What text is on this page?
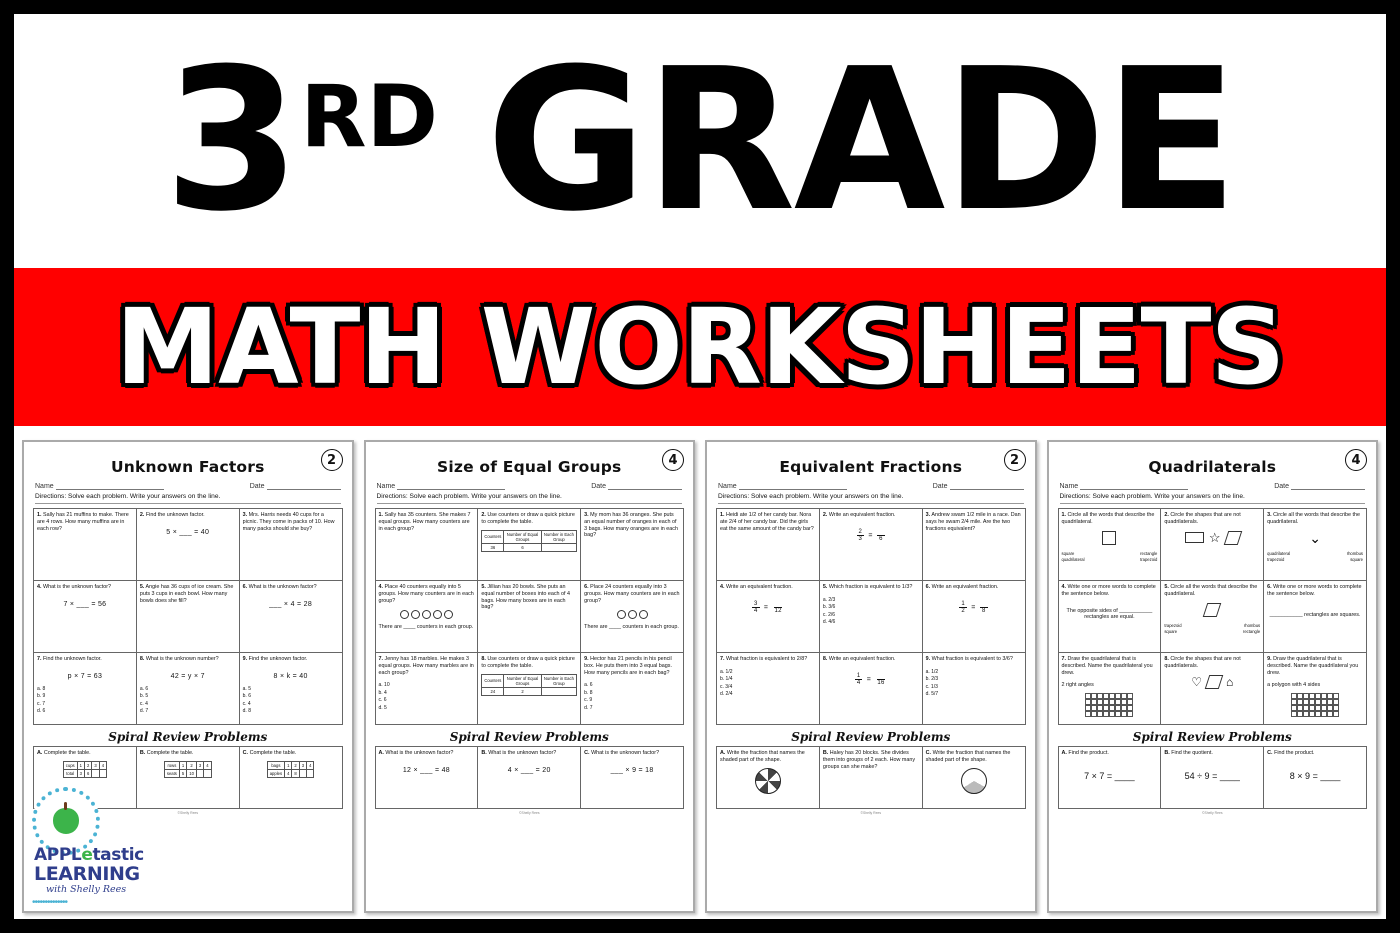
3 RD GRADE
MATH WORKSHEETS
2
Unknown Factors
Name	Date
Directions: Solve each problem. Write your answers on the line.
1. Sally has 21 muffins to make. There are 4 rows. How many muffins are in each row?
2. Find the unknown factor.
5 × ___ = 40
3. Mrs. Harris needs 40 cups for a picnic. They come in packs of 10. How many packs should she buy?
4. What is the unknown factor?
7 × ___ = 56
5. Angie has 36 cups of ice cream. She puts 3 cups in each bowl. How many bowls does she fill?
6. What is the unknown factor?
___ × 4 = 28
7. Find the unknown factor.
p × 7 = 63
a. 8
b. 9
c. 7
d. 6
8. What is the unknown number?
42 = y × 7
a. 6
b. 5
c. 4
d. 7
9. Find the unknown factor.
8 × k = 40
a. 5
b. 6
c. 4
d. 8
Spiral Review Problems
A. Complete the table.
cups	1	2	3	4
total	3	6		
B. Complete the table.
rows	1	2	3	4
seats	5	10		
C. Complete the table.
bags	1	2	3	4
apples	4	8		
©Shelly Rees
4
Size of Equal Groups
Name	Date
Directions: Solve each problem. Write your answers on the line.
1. Sally has 35 counters. She makes 7 equal groups. How many counters are in each group?
2. Use counters or draw a quick picture to complete the table.
Counters	Number of Equal Groups	Number in Each Group
36	6	
3. My mom has 36 oranges. She puts an equal number of oranges in each of 3 bags. How many oranges are in each bag?
4. Place 40 counters equally into 5 groups. How many counters are in each group?
There are ____ counters in each group.
5. Jillian has 20 bowls. She puts an equal number of boxes into each of 4 bags. How many boxes are in each bag?
6. Place 24 counters equally into 3 groups. How many counters are in each group?
There are ____ counters in each group.
7. Jenny has 18 marbles. He makes 3 equal groups. How many marbles are in each group?
a. 10
b. 4
c. 6
d. 5
8. Use counters or draw a quick picture to complete the table.
Counters	Number of Equal Groups	Number in Each Group
24	2	
9. Hector has 21 pencils in his pencil box. He puts them into 3 equal bags. How many pencils are in each bag?
a. 6
b. 8
c. 9
d. 7
Spiral Review Problems
A. What is the unknown factor?
12 × ___ = 48
B. What is the unknown factor?
4 × ___ = 20
C. What is the unknown factor?
___ × 9 = 18
©Shelly Rees
2
Equivalent Fractions
Name	Date
Directions: Solve each problem. Write your answers on the line.
1. Heidi ate 1/2 of her candy bar. Nora ate 2/4 of her candy bar. Did the girls eat the same amount of the candy bar?
2. Write an equivalent fraction.
$\frac{2}{3}$ =
6
3. Andrew swam 1/2 mile in a race. Dan says he swam 2/4 mile. Are the two fractions equivalent?
4. Write an equivalent fraction.
$\frac{3}{4}$ =
12
5. Which fraction is equivalent to 1/3?
a. 2/3
b. 3/6
c. 2/6
d. 4/6
6. Write an equivalent fraction.
$\frac{1}{2}$ =
8
7. What fraction is equivalent to 2/8?
a. 1/2
b. 1/4
c. 3/4
d. 2/4
8. Write an equivalent fraction.
$\frac{1}{4}$ =
16
9. What fraction is equivalent to 3/6?
a. 1/2
b. 2/3
c. 1/3
d. 5/7
Spiral Review Problems
A. Write the fraction that names the shaded part of the shape.
B. Haley has 20 blocks. She divides them into groups of 2 each. How many groups can she make?
C. Write the fraction that names the shaded part of the shape.
©Shelly Rees
4
Quadrilaterals
Name	Date
Directions: Solve each problem. Write your answers on the line.
1. Circle all the words that describe the quadrilateral.
square	rectangle
quadrilateral	trapezoid
2. Circle the shapes that are not quadrilaterals.
☆
3. Circle all the words that describe the quadrilateral.
⌄
quadrilateral	rhombus
trapezoid	square
4. Write one or more words to complete the sentence below.
The opposite sides of ___________ rectangles are equal.
5. Circle all the words that describe the quadrilateral.
trapezoid	rhombus
square	rectangle
6. Write one or more words to complete the sentence below.
___________ rectangles are squares.
7. Draw the quadrilateral that is described. Name the quadrilateral you drew.
2 right angles
8. Circle the shapes that are not quadrilaterals.
♡ ⌂
9. Draw the quadrilateral that is described. Name the quadrilateral you drew.
a polygon with 4 sides
Spiral Review Problems
A. Find the product.
7 × 7 = ____
B. Find the quotient.
54 ÷ 9 = ____
C. Find the product.
8 × 9 = ____
©Shelly Rees
APPLetastic
LEARNING
with Shelly Rees
••••••••••••••
